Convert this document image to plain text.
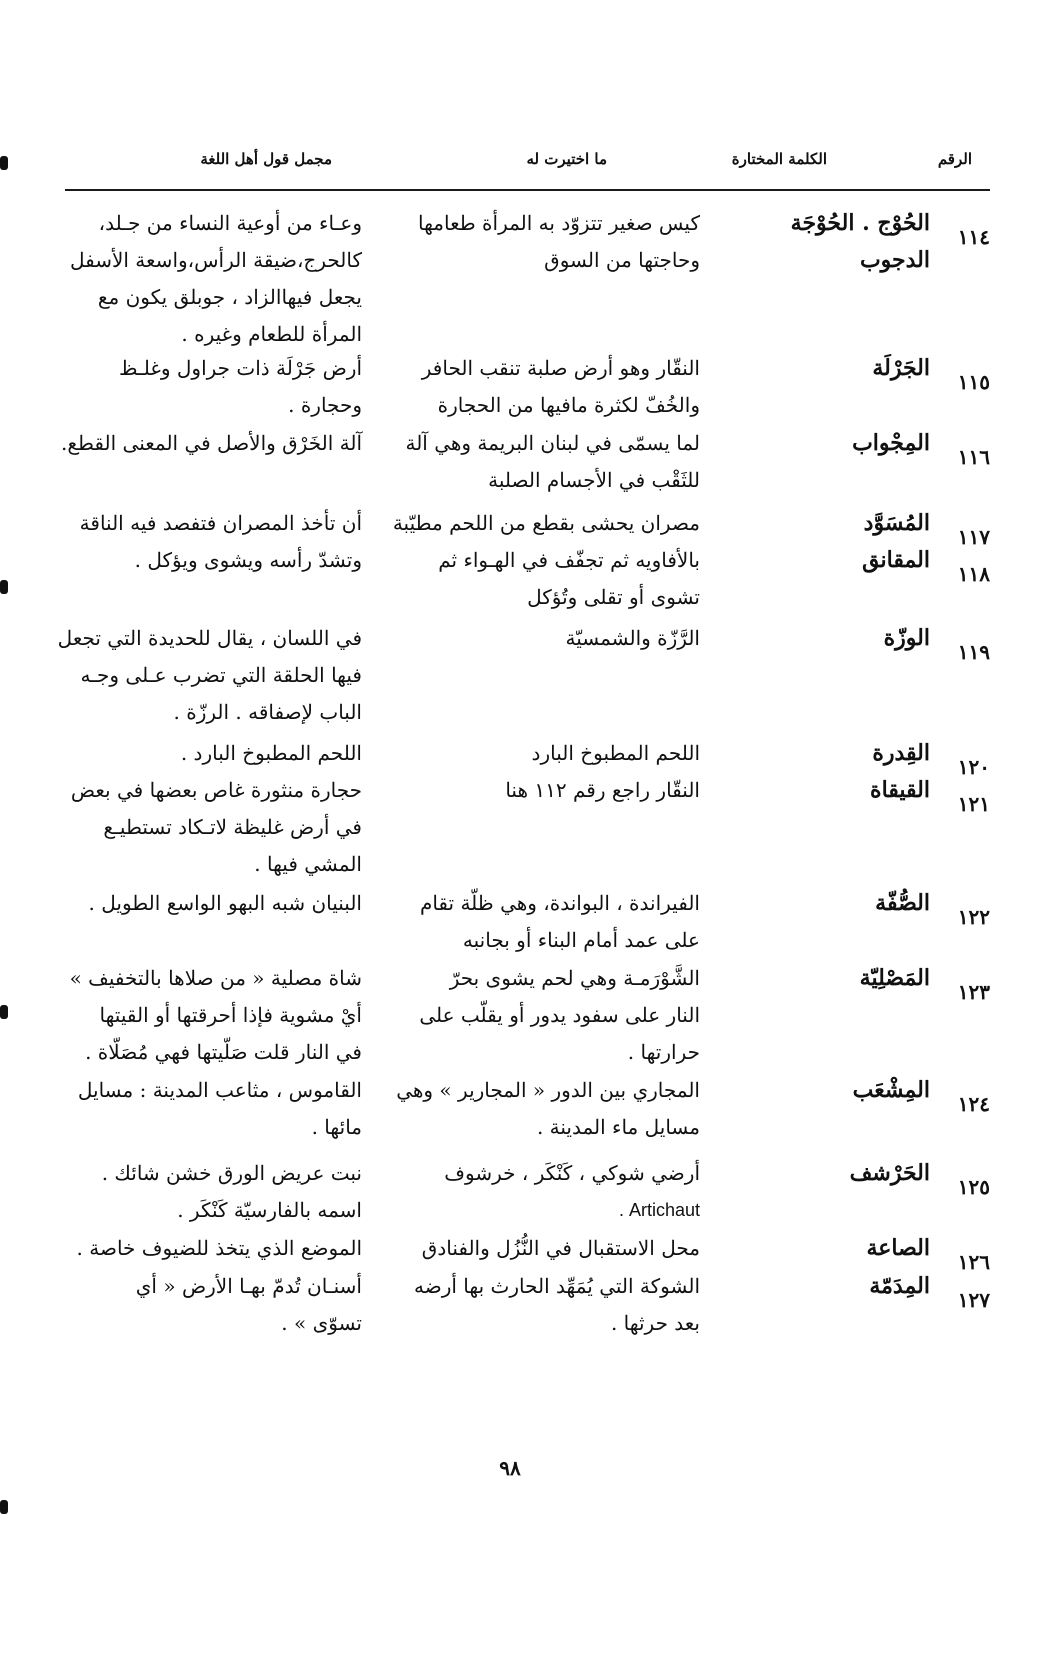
الرقم
الكلمة المختارة
ما اختيرت له
مجمل قول أهل اللغة
١١٤
الحُوْج . الحُوْجَة
الدجوب
كيس صغير تتزوّد به المرأة طعامها
وحاجتها من السوق
وعـاء من أوعية النساء من جـلد،
كالحرج،ضيقة الرأس،واسعة الأسفل
يجعل فيهاالزاد ، جوبلق يكون مع
المرأة للطعام وغيره .
١١٥
الجَرْلَة
النقّار وهو أرض صلبة تنقب الحافر
والخُفّ لكثرة مافيها من الحجارة
أرض جَرْلَة ذات جراول وغلـظ
وحجارة .
١١٦
المِجْواب
لما يسمّى في لبنان البريمة وهي آلة
للثَقْب في الأجسام الصلبة
آلة الخَرْق والأصل في المعنى القطع.
١١٧
المُسَوَّد
مصران يحشى بقطع من اللحم مطيّبة
أن تأخذ المصران فتفصد فيه الناقة
١١٨
المقانق
بالأفاويه ثم تجفّف في الهـواء ثم
تشوى أو تقلى وتُؤكل
وتشدّ رأسه ويشوى ويؤكل .
١١٩
الوزّة
الرَّزّة والشمسيّة
في اللسان ، يقال للحديدة التي تجعل
فيها الحلقة التي تضرب عـلى وجـه
الباب لإصفاقه . الرزّة .
١٢٠
القِدرة
اللحم المطبوخ البارد
اللحم المطبوخ البارد .
١٢١
القيقاة
النقّار راجع رقم ١١٢ هنا
حجارة منثورة غاص بعضها في بعض
في أرض غليظة لاتـكاد تستطيـع
المشي فيها .
١٢٢
الصُّفّة
الفيراندة ، البواندة، وهي ظلّة تقام
على عمد أمام البناء أو بجانبه
البنيان شبه البهو الواسع الطويل .
١٢٣
المَصْلِيّة
الشَّوْرَمـة وهي لحم يشوى بحرّ
النار على سفود يدور أو يقلّب على
حرارتها .
شاة مصلية « من صلاها بالتخفيف »
أيْ مشوية فإذا أحرقتها أو القيتها
في النار قلت صَلّيتها فهي مُصَلّاة .
١٢٤
المِشْعَب
المجاري بين الدور « المجارير » وهي
مسايل ماء المدينة .
القاموس ، مثاعب المدينة : مسايل
مائها .
١٢٥
الحَرْشف
أرضي شوكي ، كَنْكَر ، خرشوف
Artichaut .
نبت عريض الورق خشن شائك .
اسمه بالفارسيّة كَنْكَر .
١٢٦
الصاعة
محل الاستقبال في النُّزُل والفنادق
الموضع الذي يتخذ للضيوف خاصة .
١٢٧
المِدَمّة
الشوكة التي يُمَهِّد الحارث بها أرضه
بعد حرثها .
أسنـان تُدمّ بهـا الأرض « أي
تسوّى » .
٩٨
